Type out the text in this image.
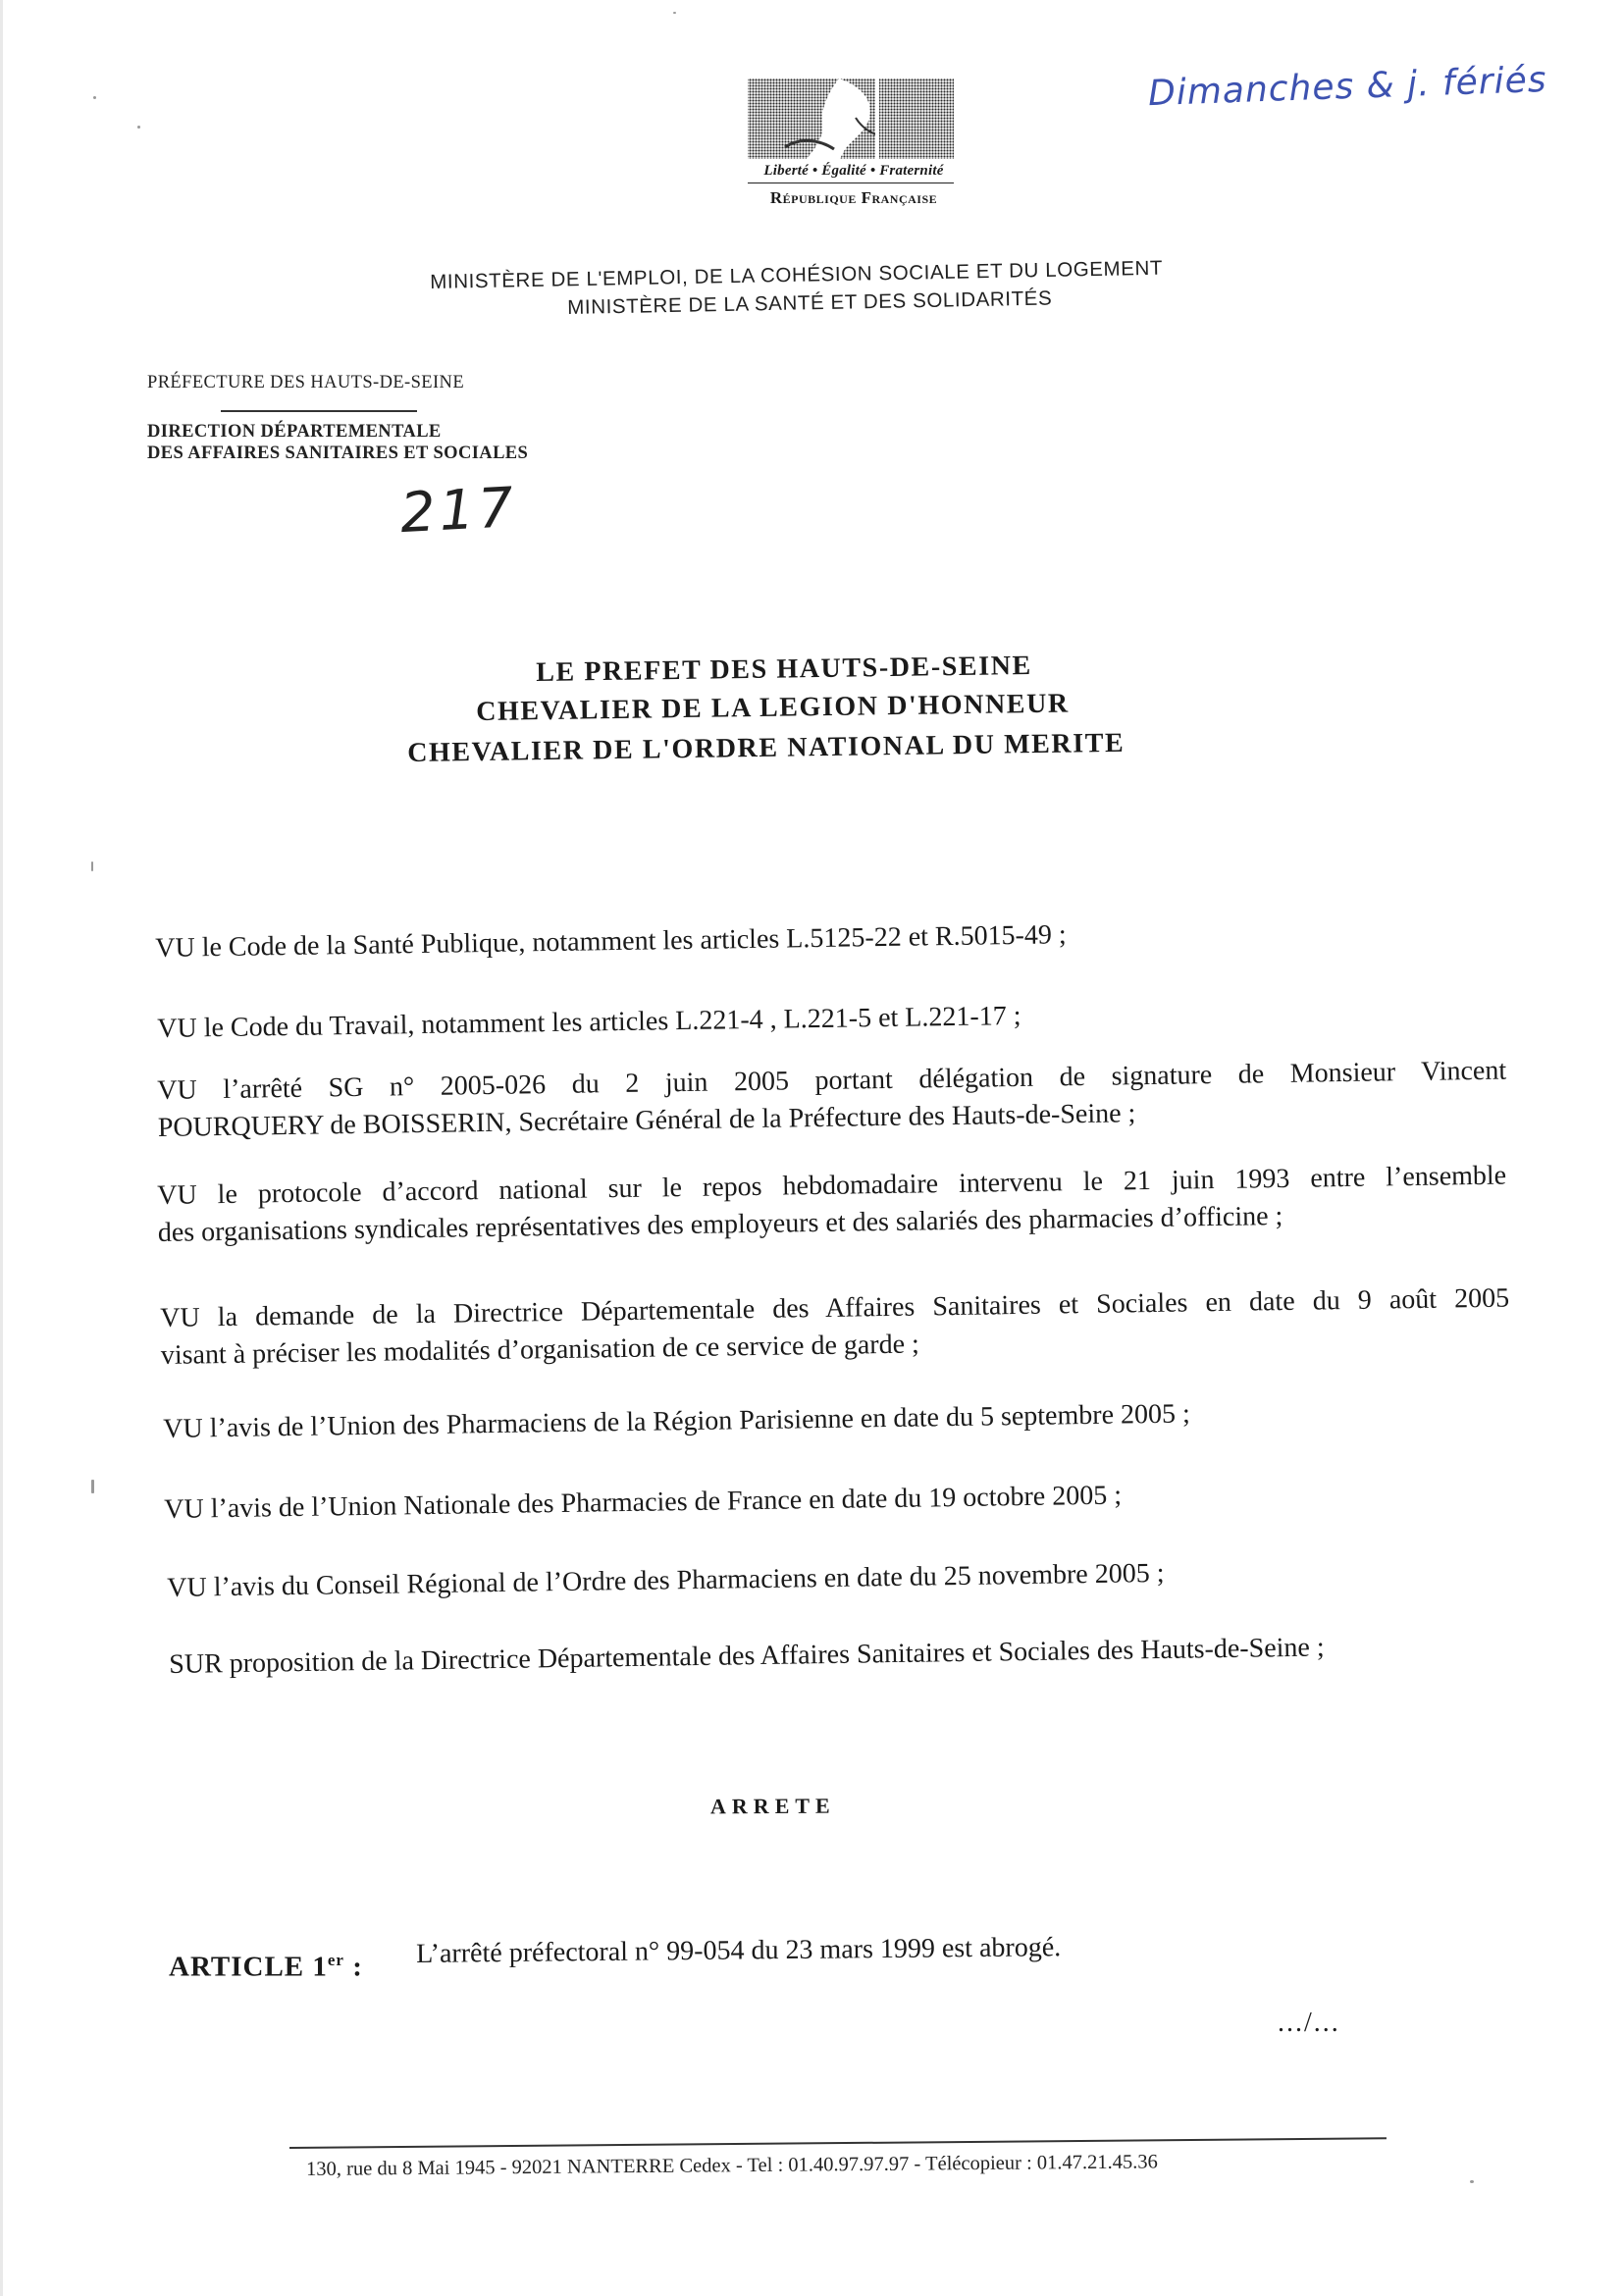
Liberté • Égalité • Fraternité
République Française
Dimanches & j. fériés
217
MINISTÈRE DE L'EMPLOI, DE LA COHÉSION SOCIALE ET DU LOGEMENT
MINISTÈRE DE LA SANTÉ ET DES SOLIDARITÉS
PRÉFECTURE DES HAUTS-DE-SEINE
DIRECTION DÉPARTEMENTALE
DES AFFAIRES SANITAIRES ET SOCIALES
LE PREFET DES HAUTS-DE-SEINE
CHEVALIER DE LA LEGION D'HONNEUR
CHEVALIER DE L'ORDRE NATIONAL DU MERITE
VU le Code de la Santé Publique, notamment les articles L.5125-22 et R.5015-49 ;
VU le Code du Travail, notamment les articles L.221-4 , L.221-5 et L.221-17 ;
VU l’arrêté SG n° 2005-026 du 2 juin 2005 portant délégation de signature de Monsieur Vincent
POURQUERY de BOISSERIN, Secrétaire Général de la Préfecture des Hauts-de-Seine ;
VU le protocole d’accord national sur le repos hebdomadaire intervenu le 21 juin 1993 entre l’ensemble
des organisations syndicales représentatives des employeurs et des salariés des pharmacies d’officine ;
VU la demande de la Directrice Départementale des Affaires Sanitaires et Sociales en date du 9 août 2005
visant à préciser les modalités d’organisation de ce service de garde ;
VU l’avis de l’Union des Pharmaciens de la Région Parisienne en date du 5 septembre 2005 ;
VU l’avis de l’Union Nationale des Pharmacies de France en date du 19 octobre 2005 ;
VU l’avis du Conseil Régional de l’Ordre des Pharmaciens en date du 25 novembre 2005 ;
SUR proposition de la Directrice Départementale des Affaires Sanitaires et Sociales des Hauts-de-Seine ;
ARRETE
ARTICLE 1er : L’arrêté préfectoral n° 99-054 du 23 mars 1999 est abrogé.
.../...
130, rue du 8 Mai 1945 - 92021 NANTERRE Cedex - Tel : 01.40.97.97.97 - Télécopieur : 01.47.21.45.36
